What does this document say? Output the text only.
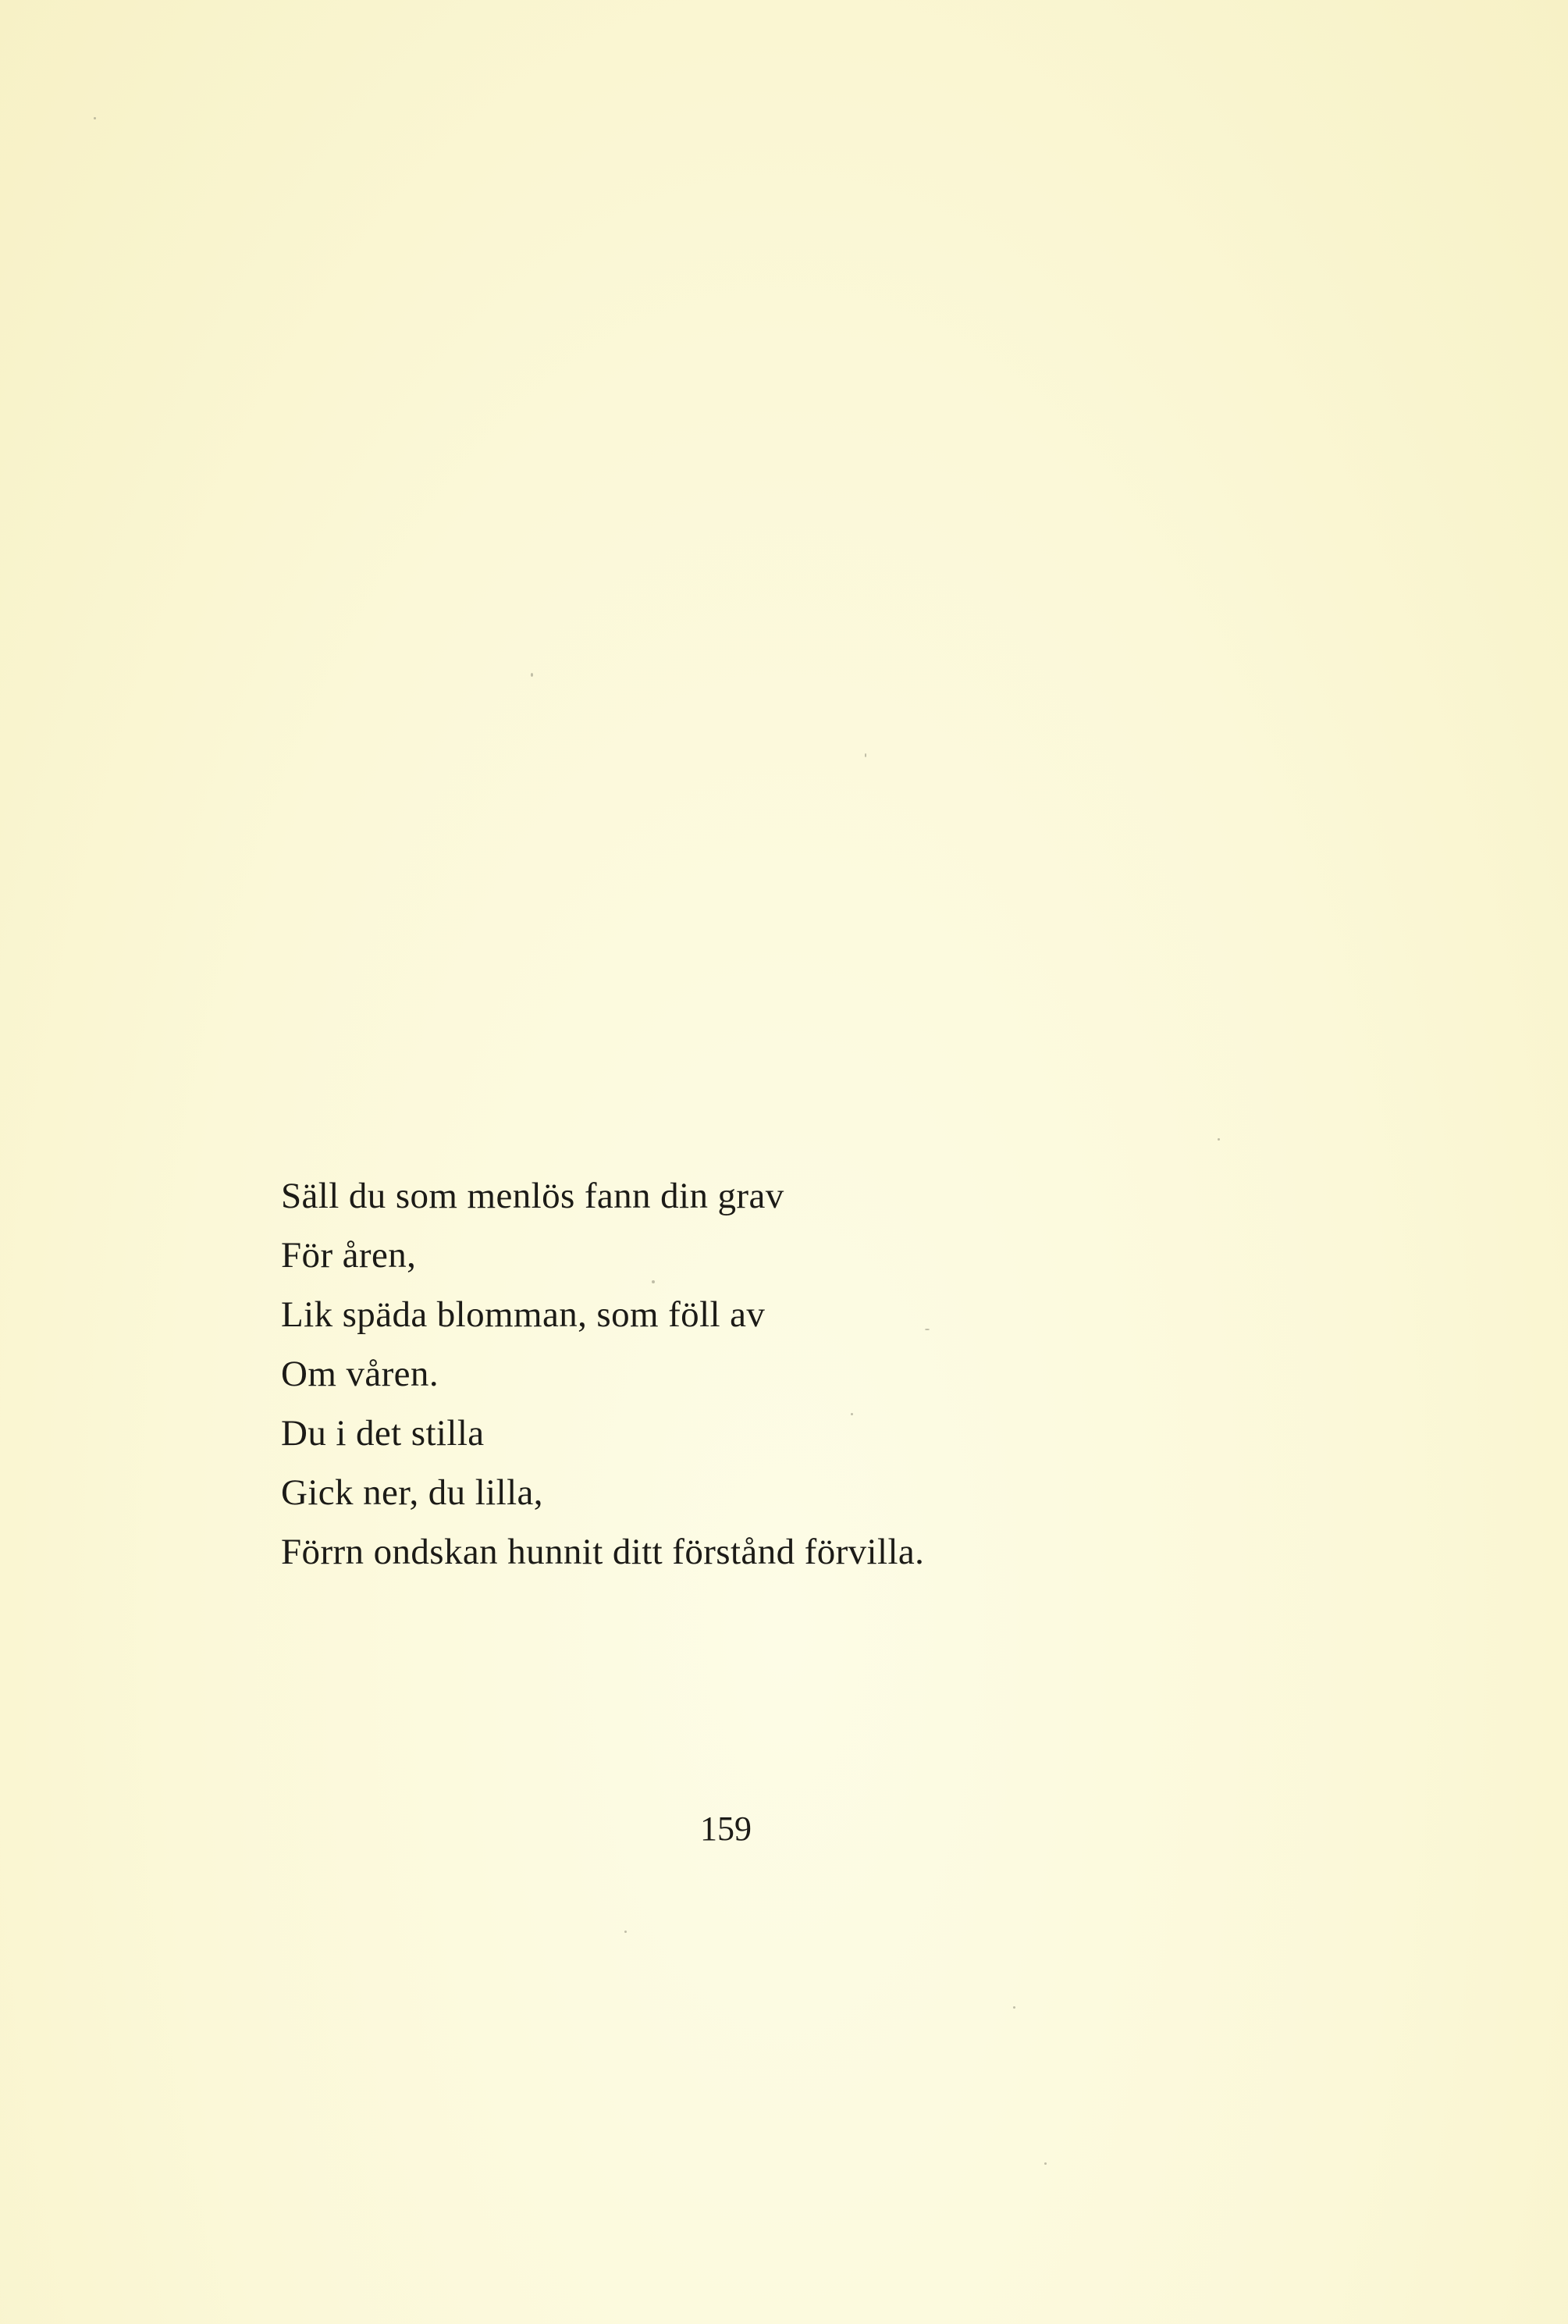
Säll du som menlös fann din grav
För åren,
Lik späda blomman, som föll av
Om våren.
Du i det stilla
Gick ner, du lilla,
Förrn ondskan hunnit ditt förstånd förvilla.
159
